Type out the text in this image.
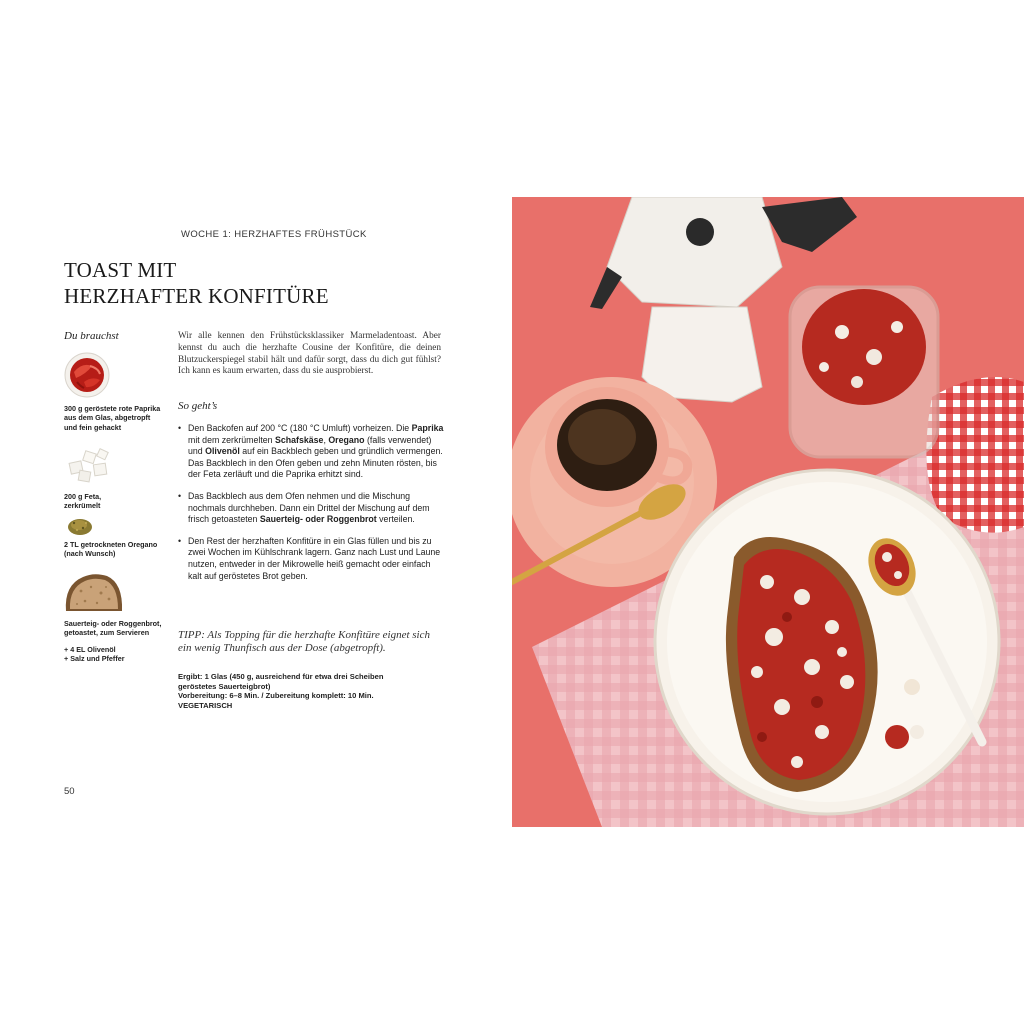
WOCHE 1: HERZHAFTES FRÜHSTÜCK
TOAST MIT
HERZHAFTER KONFITÜRE
Du brauchst
300 g geröstete rote Paprika
aus dem Glas, abgetropft
und fein gehackt
200 g Feta,
zerkrümelt
2 TL getrockneten Oregano
(nach Wunsch)
Sauerteig- oder Roggenbrot,
getoastet, zum Servieren
+ 4 EL Olivenöl
+ Salz und Pfeffer
Wir alle kennen den Frühstücksklassiker Marmeladentoast. Aber kennst du auch die herzhafte Cousine der Konfitüre, die deinen Blutzuckerspiegel stabil hält und dafür sorgt, dass du dich gut fühlst? Ich kann es kaum erwarten, dass du sie ausprobierst.
So geht’s
• Den Backofen auf 200 °C (180 °C Umluft) vorheizen. Die Paprika mit dem zerkrümelten Schafskäse, Oregano (falls verwendet) und Olivenöl auf ein Backblech geben und gründlich vermengen. Das Backblech in den Ofen geben und zehn Minuten rösten, bis der Feta zerläuft und die Paprika erhitzt sind.
• Das Backblech aus dem Ofen nehmen und die Mischung nochmals durchheben. Dann ein Drittel der Mischung auf dem frisch getoasteten Sauerteig- oder Roggenbrot verteilen.
• Den Rest der herzhaften Konfitüre in ein Glas füllen und bis zu zwei Wochen im Kühlschrank lagern. Ganz nach Lust und Laune nutzen, entweder in der Mikrowelle heiß gemacht oder einfach kalt auf geröstetes Brot geben.
TIPP: Als Topping für die herzhafte Konfitüre eignet sich ein wenig Thunfisch aus der Dose (abgetropft).
Ergibt: 1 Glas (450 g, ausreichend für etwa drei Scheiben
geröstetes Sauerteigbrot)
Vorbereitung: 6–8 Min. / Zubereitung komplett: 10 Min.
VEGETARISCH
50
